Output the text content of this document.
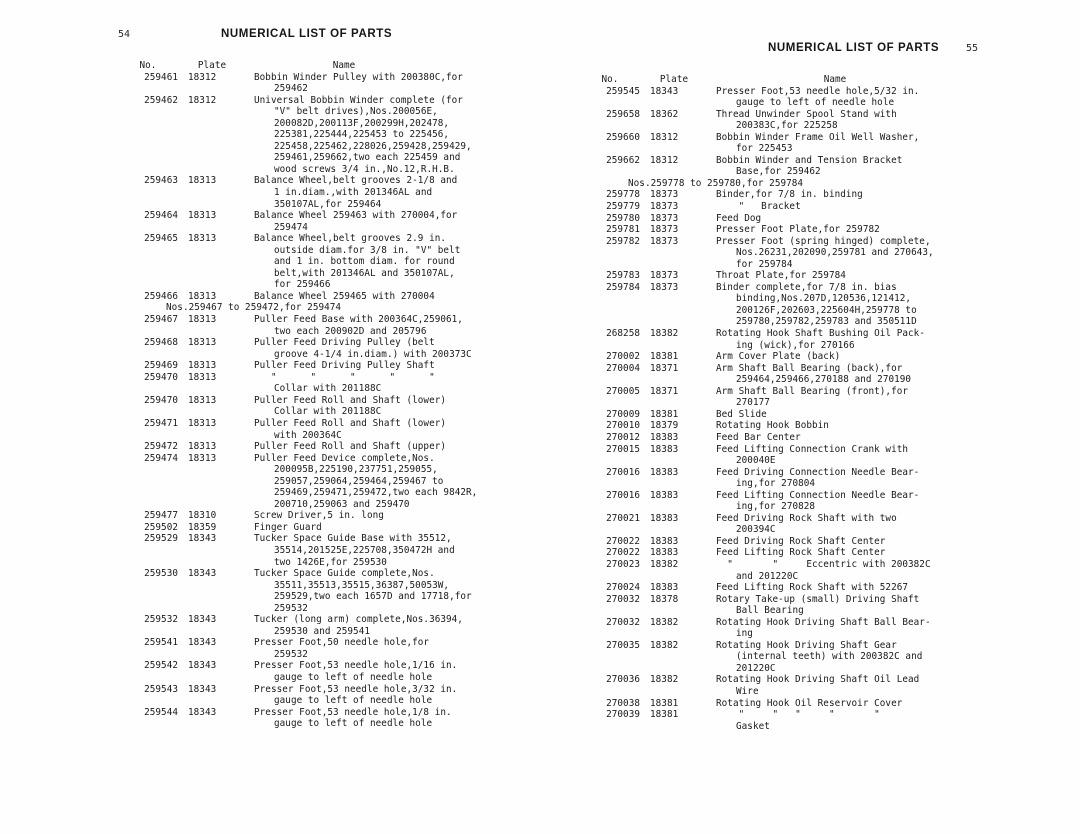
54	NUMERICAL LIST OF PARTS
No.	Plate	Name
259461	18312	Bobbin Winder Pulley with 200380C,for
259462
259462	18312	Universal Bobbin Winder complete (for
"V" belt drives),Nos.200056E,
200082D,200113F,200299H,202478,
225381,225444,225453 to 225456,
225458,225462,228026,259428,259429,
259461,259662,two each 225459 and
wood screws 3/4 in.,No.12,R.H.B.
259463	18313	Balance Wheel,belt grooves 2-1/8 and
1 in.diam.,with 201346AL and
350107AL,for 259464
259464	18313	Balance Wheel 259463 with 270004,for
259474
259465	18313	Balance Wheel,belt grooves 2.9 in.
outside diam.for 3/8 in. "V" belt
and 1 in. bottom diam. for round
belt,with 201346AL and 350107AL,
for 259466
259466	18313	Balance Wheel 259465 with 270004
Nos.259467 to 259472,for 259474
259467	18313	Puller Feed Base with 200364C,259061,
two each 200902D and 205796
259468	18313	Puller Feed Driving Pulley (belt
groove 4-1/4 in.diam.) with 200373C
259469	18313	Puller Feed Driving Pulley Shaft
259470	18313	"      "      "      "      "
Collar with 201188C
259470	18313	Puller Feed Roll and Shaft (lower)
Collar with 201188C
259471	18313	Puller Feed Roll and Shaft (lower)
with 200364C
259472	18313	Puller Feed Roll and Shaft (upper)
259474	18313	Puller Feed Device complete,Nos.
200095B,225190,237751,259055,
259057,259064,259464,259467 to
259469,259471,259472,two each 9842R,
200710,259063 and 259470
259477	18310	Screw Driver,5 in. long
259502	18359	Finger Guard
259529	18343	Tucker Space Guide Base with 35512,
35514,201525E,225708,350472H and
two 1426E,for 259530
259530	18343	Tucker Space Guide complete,Nos.
35511,35513,35515,36387,50053W,
259529,two each 1657D and 17718,for
259532
259532	18343	Tucker (long arm) complete,Nos.36394,
259530 and 259541
259541	18343	Presser Foot,50 needle hole,for
259532
259542	18343	Presser Foot,53 needle hole,1/16 in.
gauge to left of needle hole
259543	18343	Presser Foot,53 needle hole,3/32 in.
gauge to left of needle hole
259544	18343	Presser Foot,53 needle hole,1/8 in.
gauge to left of needle hole
NUMERICAL LIST OF PARTS	55
No.	Plate	Name
259545	18343	Presser Foot,53 needle hole,5/32 in.
gauge to left of needle hole
259658	18362	Thread Unwinder Spool Stand with
200383C,for 225258
259660	18312	Bobbin Winder Frame Oil Well Washer,
for 225453
259662	18312	Bobbin Winder and Tension Bracket
Base,for 259462
Nos.259778 to 259780,for 259784
259778	18373	Binder,for 7/8 in. binding
259779	18373	"   Bracket
259780	18373	Feed Dog
259781	18373	Presser Foot Plate,for 259782
259782	18373	Presser Foot (spring hinged) complete,
Nos.26231,202090,259781 and 270643,
for 259784
259783	18373	Throat Plate,for 259784
259784	18373	Binder complete,for 7/8 in. bias
binding,Nos.207D,120536,121412,
200126F,202603,225604H,259778 to
259780,259782,259783 and 350511D
268258	18382	Rotating Hook Shaft Bushing Oil Pack-
ing (wick),for 270166
270002	18381	Arm Cover Plate (back)
270004	18371	Arm Shaft Ball Bearing (back),for
259464,259466,270188 and 270190
270005	18371	Arm Shaft Ball Bearing (front),for
270177
270009	18381	Bed Slide
270010	18379	Rotating Hook Bobbin
270012	18383	Feed Bar Center
270015	18383	Feed Lifting Connection Crank with
200040E
270016	18383	Feed Driving Connection Needle Bear-
ing,for 270804
270016	18383	Feed Lifting Connection Needle Bear-
ing,for 270828
270021	18383	Feed Driving Rock Shaft with two
200394C
270022	18383	Feed Driving Rock Shaft Center
270022	18383	Feed Lifting Rock Shaft Center
270023	18382	"       "     Eccentric with 200382C
and 201220C
270024	18383	Feed Lifting Rock Shaft with 52267
270032	18378	Rotary Take-up (small) Driving Shaft
Ball Bearing
270032	18382	Rotating Hook Driving Shaft Ball Bear-
ing
270035	18382	Rotating Hook Driving Shaft Gear
(internal teeth) with 200382C and
201220C
270036	18382	Rotating Hook Driving Shaft Oil Lead
Wire
270038	18381	Rotating Hook Oil Reservoir Cover
270039	18381	"     "   "     "       "
Gasket
